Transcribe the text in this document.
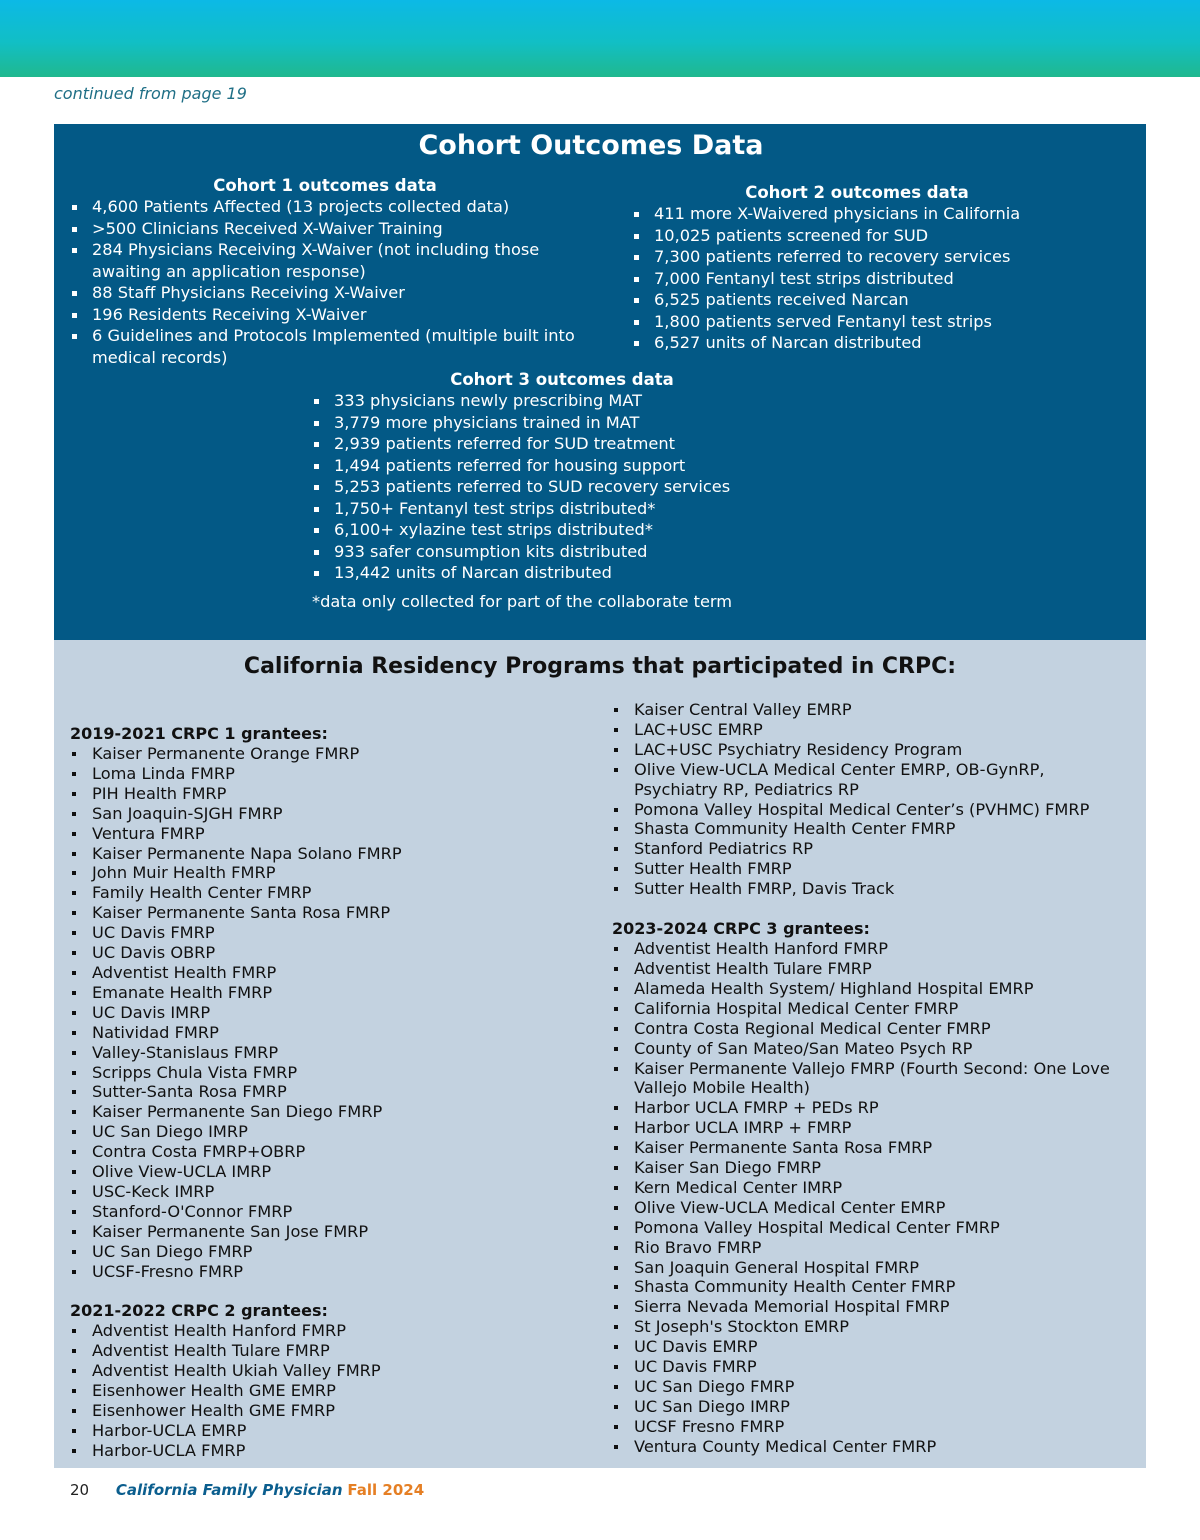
continued from page 19
Cohort Outcomes Data
Cohort 1 outcomes data
4,600 Patients Affected (13 projects collected data)
>500 Clinicians Received X-Waiver Training
284 Physicians Receiving X-Waiver (not including those awaiting an application response)
88 Staff Physicians Receiving X-Waiver
196 Residents Receiving X-Waiver
6 Guidelines and Protocols Implemented (multiple built into medical records)
Cohort 2 outcomes data
411 more X-Waivered physicians in California
10,025 patients screened for SUD
7,300 patients referred to recovery services
7,000 Fentanyl test strips distributed
6,525 patients received Narcan
1,800 patients served Fentanyl test strips
6,527 units of Narcan distributed
Cohort 3 outcomes data
333 physicians newly prescribing MAT
3,779 more physicians trained in MAT
2,939 patients referred for SUD treatment
1,494 patients referred for housing support
5,253 patients referred to SUD recovery services
1,750+ Fentanyl test strips distributed*
6,100+ xylazine test strips distributed*
933 safer consumption kits distributed
13,442 units of Narcan distributed
*data only collected for part of the collaborate term
California Residency Programs that participated in CRPC:
2019-2021 CRPC 1 grantees:
Kaiser Permanente Orange FMRP
Loma Linda FMRP
PIH Health FMRP
San Joaquin-SJGH FMRP
Ventura FMRP
Kaiser Permanente Napa Solano FMRP
John Muir Health FMRP
Family Health Center FMRP
Kaiser Permanente Santa Rosa FMRP
UC Davis FMRP
UC Davis OBRP
Adventist Health FMRP
Emanate Health FMRP
UC Davis IMRP
Natividad FMRP
Valley-Stanislaus FMRP
Scripps Chula Vista FMRP
Sutter-Santa Rosa FMRP
Kaiser Permanente San Diego FMRP
UC San Diego IMRP
Contra Costa FMRP+OBRP
Olive View-UCLA IMRP
USC-Keck IMRP
Stanford-O'Connor FMRP
Kaiser Permanente San Jose FMRP
UC San Diego FMRP
UCSF-Fresno FMRP
2021-2022 CRPC 2 grantees:
Adventist Health Hanford FMRP
Adventist Health Tulare FMRP
Adventist Health Ukiah Valley FMRP
Eisenhower Health GME EMRP
Eisenhower Health GME FMRP
Harbor-UCLA EMRP
Harbor-UCLA FMRP
Kaiser Central Valley EMRP
LAC+USC EMRP
LAC+USC Psychiatry Residency Program
Olive View-UCLA Medical Center EMRP, OB-GynRP, Psychiatry RP, Pediatrics RP
Pomona Valley Hospital Medical Center’s (PVHMC) FMRP
Shasta Community Health Center FMRP
Stanford Pediatrics RP
Sutter Health FMRP
Sutter Health FMRP, Davis Track
2023-2024 CRPC 3 grantees:
Adventist Health Hanford FMRP
Adventist Health Tulare FMRP
Alameda Health System/ Highland Hospital EMRP
California Hospital Medical Center FMRP
Contra Costa Regional Medical Center FMRP
County of San Mateo/San Mateo Psych RP
Kaiser Permanente Vallejo FMRP (Fourth Second: One Love Vallejo Mobile Health)
Harbor UCLA FMRP + PEDs RP
Harbor UCLA IMRP + FMRP
Kaiser Permanente Santa Rosa FMRP
Kaiser San Diego FMRP
Kern Medical Center IMRP
Olive View-UCLA Medical Center EMRP
Pomona Valley Hospital Medical Center FMRP
Rio Bravo FMRP
San Joaquin General Hospital FMRP
Shasta Community Health Center FMRP
Sierra Nevada Memorial Hospital FMRP
St Joseph's Stockton EMRP
UC Davis EMRP
UC Davis FMRP
UC San Diego FMRP
UC San Diego IMRP
UCSF Fresno FMRP
Ventura County Medical Center FMRP
20 California Family Physician Fall 2024
